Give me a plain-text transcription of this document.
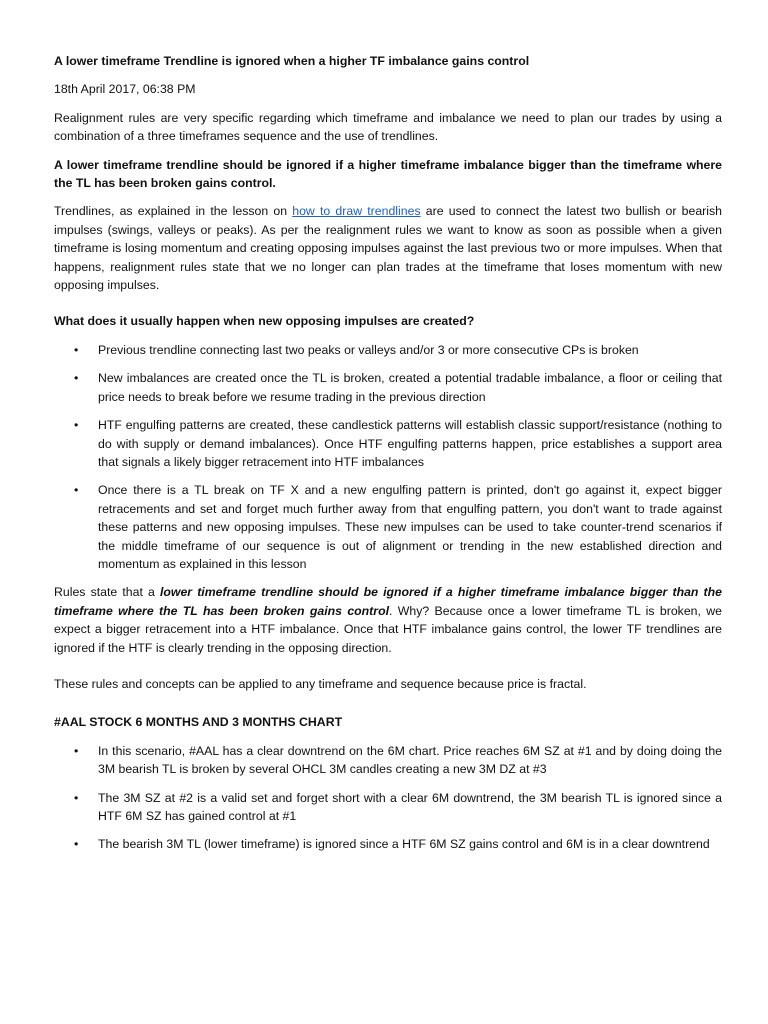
A lower timeframe Trendline is ignored when a higher TF imbalance gains control

18th April 2017, 06:38 PM

Realignment rules are very specific regarding which timeframe and imbalance we need to plan our trades by using a combination of a three timeframes sequence and the use of trendlines.

A lower timeframe trendline should be ignored if a higher timeframe imbalance bigger than the timeframe where the TL has been broken gains control.

Trendlines, as explained in the lesson on how to draw trendlines are used to connect the latest two bullish or bearish impulses (swings, valleys or peaks). As per the realignment rules we want to know as soon as possible when a given timeframe is losing momentum and creating opposing impulses against the last previous two or more impulses. When that happens, realignment rules state that we no longer can plan trades at the timeframe that loses momentum with new opposing impulses.

What does it usually happen when new opposing impulses are created?

• Previous trendline connecting last two peaks or valleys and/or 3 or more consecutive CPs is broken
• New imbalances are created once the TL is broken, created a potential tradable imbalance, a floor or ceiling that price needs to break before we resume trading in the previous direction
• HTF engulfing patterns are created, these candlestick patterns will establish classic support/resistance (nothing to do with supply or demand imbalances). Once HTF engulfing patterns happen, price establishes a support area that signals a likely bigger retracement into HTF imbalances
• Once there is a TL break on TF X and a new engulfing pattern is printed, don't go against it, expect bigger retracements and set and forget much further away from that engulfing pattern, you don't want to trade against these patterns and new opposing impulses. These new impulses can be used to take counter-trend scenarios if the middle timeframe of our sequence is out of alignment or trending in the new established direction and momentum as explained in this lesson

Rules state that a lower timeframe trendline should be ignored if a higher timeframe imbalance bigger than the timeframe where the TL has been broken gains control. Why? Because once a lower timeframe TL is broken, we expect a bigger retracement into a HTF imbalance. Once that HTF imbalance gains control, the lower TF trendlines are ignored if the HTF is clearly trending in the opposing direction.

These rules and concepts can be applied to any timeframe and sequence because price is fractal.

#AAL STOCK 6 MONTHS AND 3 MONTHS CHART

• In this scenario, #AAL has a clear downtrend on the 6M chart. Price reaches 6M SZ at #1 and by doing doing the 3M bearish TL is broken by several OHCL 3M candles creating a new 3M DZ at #3
• The 3M SZ at #2 is a valid set and forget short with a clear 6M downtrend, the 3M bearish TL is ignored since a HTF 6M SZ has gained control at #1
• The bearish 3M TL (lower timeframe) is ignored since a HTF 6M SZ gains control and 6M is in a clear downtrend
